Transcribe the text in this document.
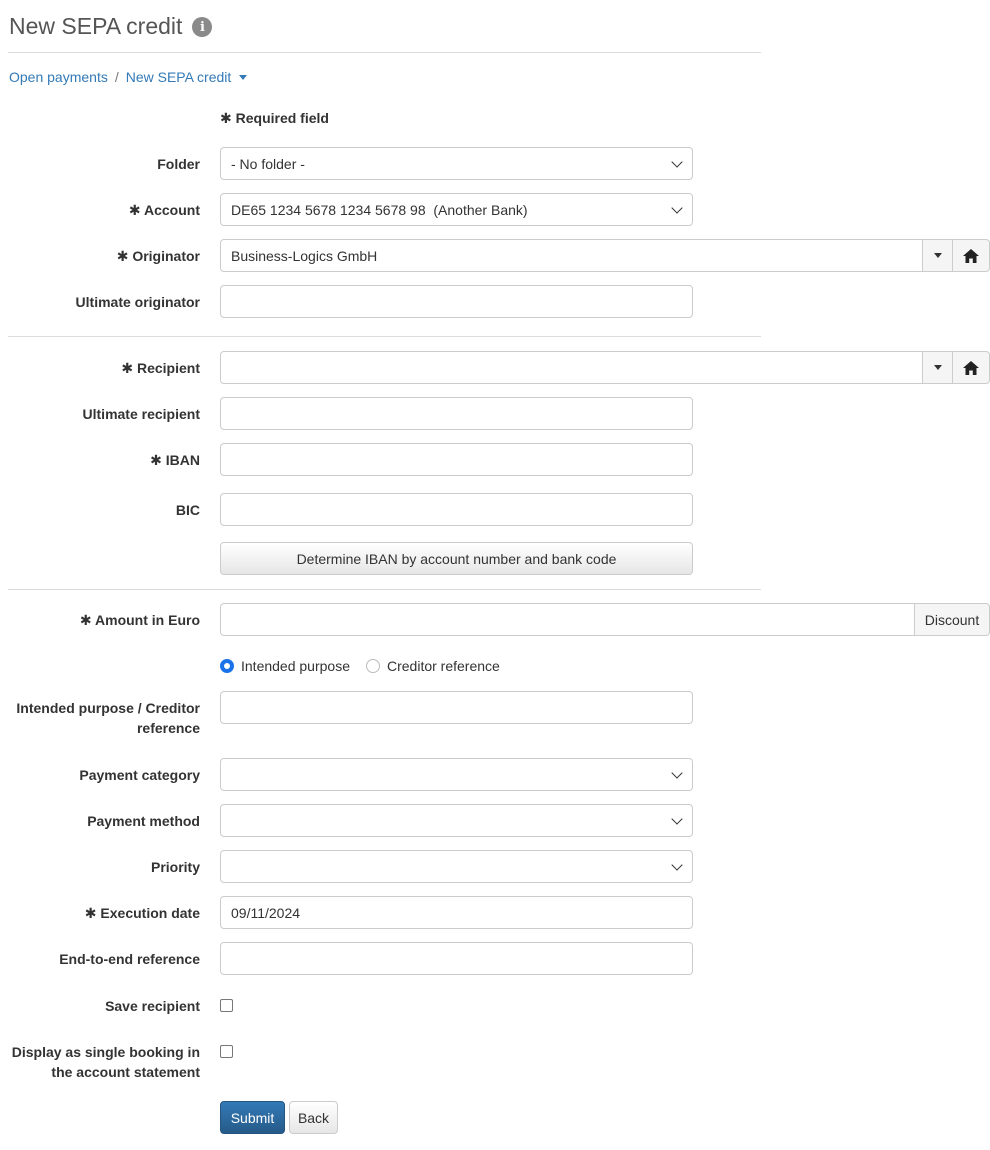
New SEPA credit	i
Open payments / New SEPA credit
✱ Required field
Folder - No folder -
✱ Account DE65 1234 5678 1234 5678 98  (Another Bank)
✱ Originator Business-Logics GmbH
Ultimate originator
✱ Recipient
Ultimate recipient
✱ IBAN
BIC
Determine IBAN by account number and bank code
✱ Amount in Euro	Discount
Intended purpose	Creditor reference
Intended purpose / Creditor
reference
Payment category
Payment method
Priority
✱ Execution date 09/11/2024
End-to-end reference
Save recipient
Display as single booking in
the account statement
Submit	Back
